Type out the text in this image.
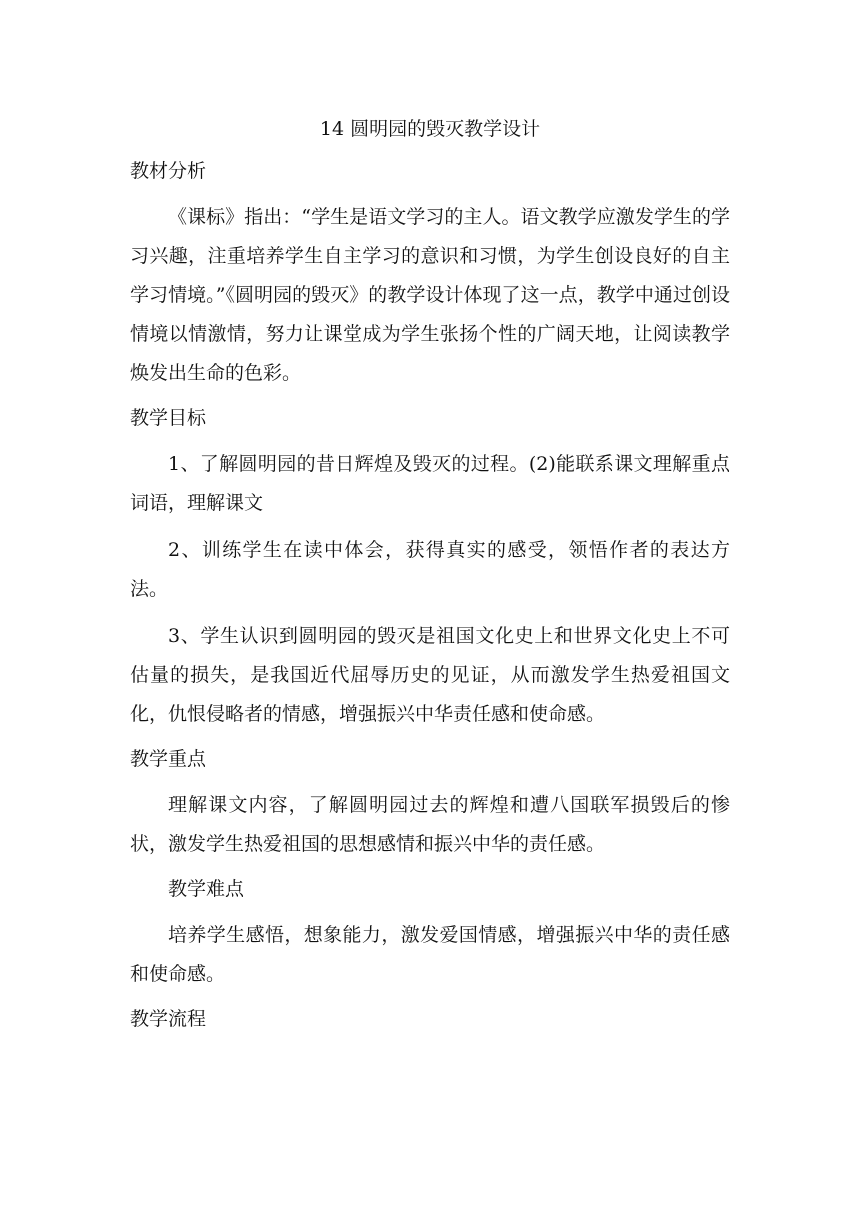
14 圆明园的毁灭教学设计
教材分析

《课标》指出：“学生是语文学习的主人。语文教学应激发学生的学习兴趣，注重培养学生自主学习的意识和习惯，为学生创设良好的自主学习情境。”《圆明园的毁灭》的教学设计体现了这一点，教学中通过创设情境以情激情，努力让课堂成为学生张扬个性的广阔天地，让阅读教学焕发出生命的色彩。

教学目标

1、了解圆明园的昔日辉煌及毁灭的过程。(2)能联系课文理解重点词语，理解课文

2、训练学生在读中体会，获得真实的感受，领悟作者的表达方法。

3、学生认识到圆明园的毁灭是祖国文化史上和世界文化史上不可估量的损失，是我国近代屈辱历史的见证，从而激发学生热爱祖国文化，仇恨侵略者的情感，增强振兴中华责任感和使命感。

教学重点

理解课文内容，了解圆明园过去的辉煌和遭八国联军损毁后的惨状，激发学生热爱祖国的思想感情和振兴中华的责任感。

教学难点

培养学生感悟，想象能力，激发爱国情感，增强振兴中华的责任感和使命感。

教学流程
